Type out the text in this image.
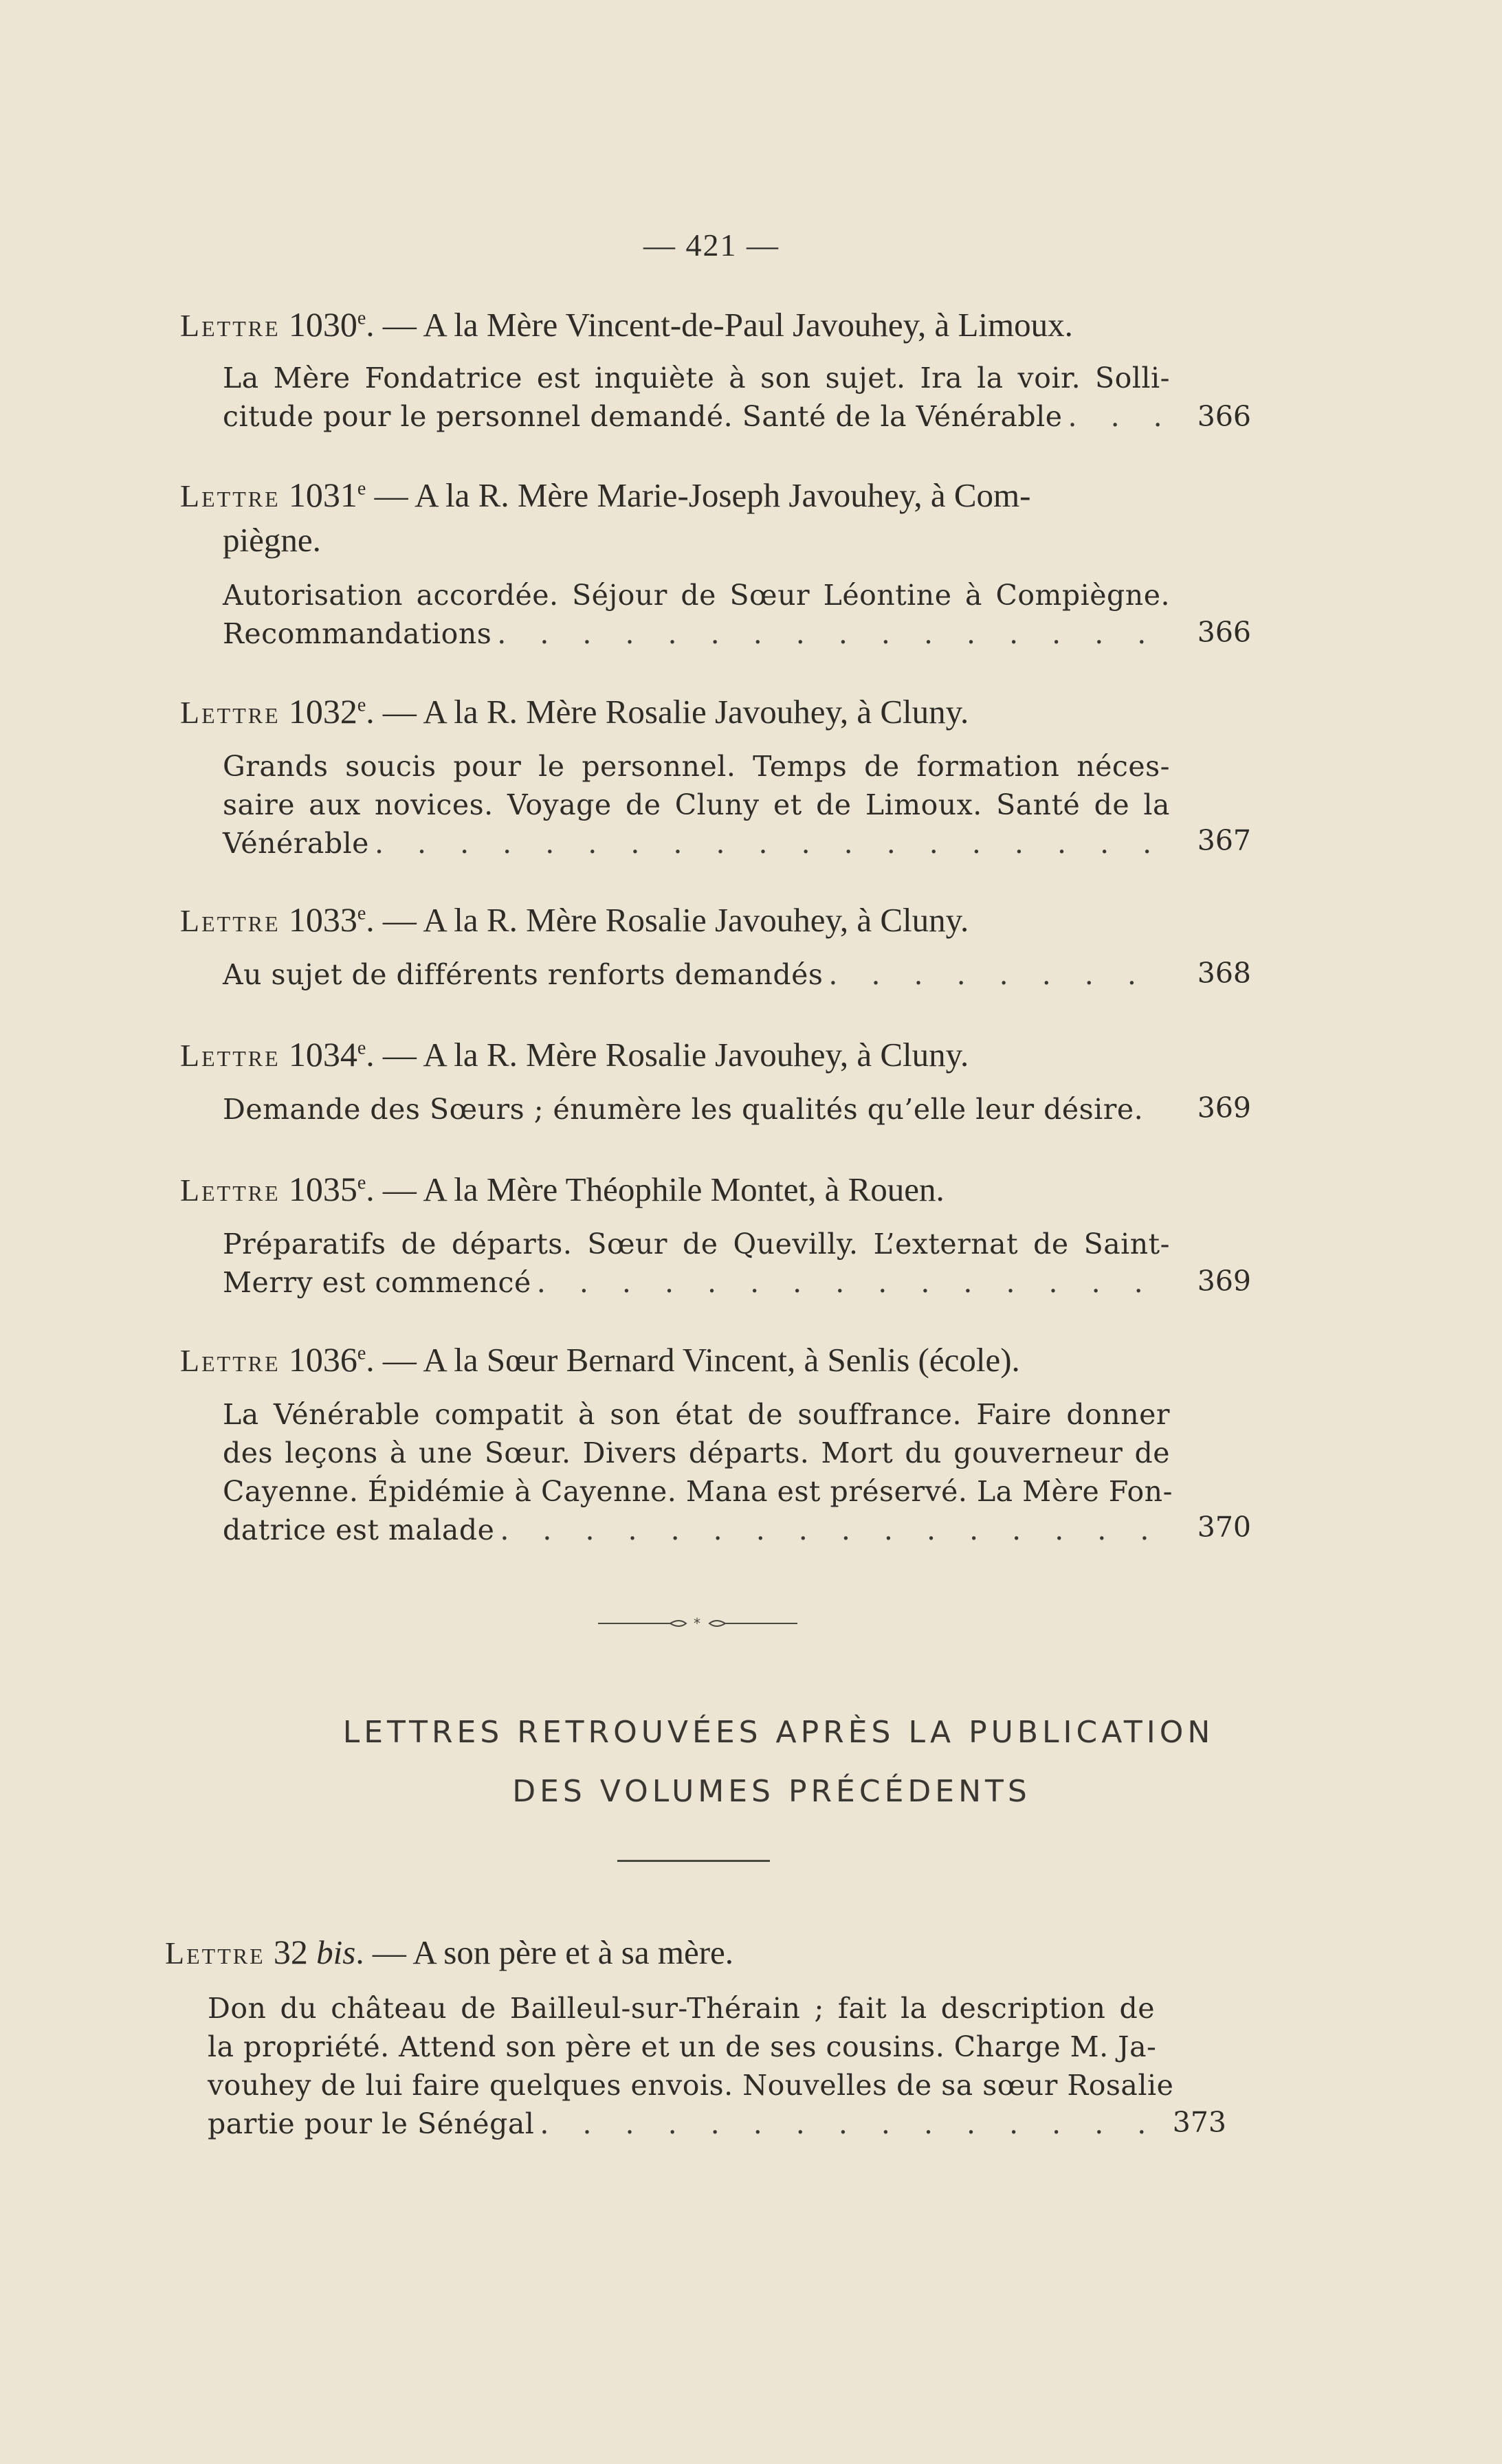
— 421 —
Lettre 1030e. — A la Mère Vincent-de-Paul Javouhey, à Limoux.
La Mère Fondatrice est inquiète à son sujet. Ira la voir. Solli-
citude pour le personnel demandé. Santé de la Vénérable . . .	366
Lettre 1031e — A la R. Mère Marie-Joseph Javouhey, à Com-
piègne.
Autorisation accordée. Séjour de Sœur Léontine à Compiègne.
Recommandations . . .	366
Lettre 1032e. — A la R. Mère Rosalie Javouhey, à Cluny.
Grands soucis pour le personnel. Temps de formation néces-
saire aux novices. Voyage de Cluny et de Limoux. Santé de la
Vénérable . . .	367
Lettre 1033e. — A la R. Mère Rosalie Javouhey, à Cluny.
Au sujet de différents renforts demandés . . .	368
Lettre 1034e. — A la R. Mère Rosalie Javouhey, à Cluny.
Demande des Sœurs ; énumère les qualités qu’elle leur désire.	369
Lettre 1035e. — A la Mère Théophile Montet, à Rouen.
Préparatifs de départs. Sœur de Quevilly. L’externat de Saint-
Merry est commencé . . .	369
Lettre 1036e. — A la Sœur Bernard Vincent, à Senlis (école).
La Vénérable compatit à son état de souffrance. Faire donner
des leçons à une Sœur. Divers départs. Mort du gouverneur de
Cayenne. Épidémie à Cayenne. Mana est préservé. La Mère Fon-
datrice est malade . . .	370
*
LETTRES RETROUVÉES APRÈS LA PUBLICATION
DES VOLUMES PRÉCÉDENTS
Lettre 32 bis. — A son père et à sa mère.
Don du château de Bailleul-sur-Thérain ; fait la description de
la propriété. Attend son père et un de ses cousins. Charge M. Ja-
vouhey de lui faire quelques envois. Nouvelles de sa sœur Rosalie
partie pour le Sénégal . . .	373
